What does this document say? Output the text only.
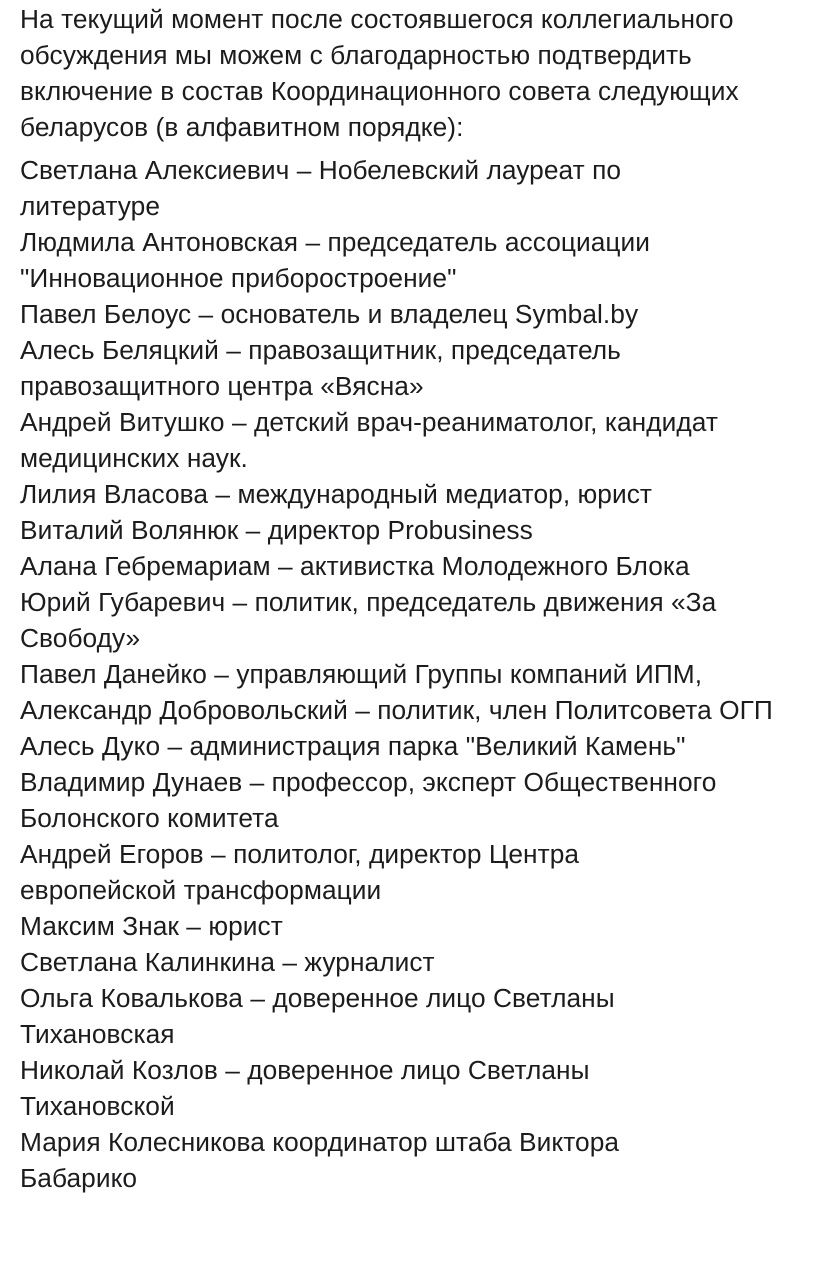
На текущий момент после состоявшегося коллегиального обсуждения мы можем с благодарностью подтвердить включение в состав Координационного совета следующих беларусов (в алфавитном порядке):

Светлана Алексиевич – Нобелевский лауреат по литературе
Людмила Антоновская – председатель ассоциации "Инновационное приборостроение"
Павел Белоус – основатель и владелец Symbal.by
Алесь Беляцкий – правозащитник, председатель правозащитного центра «Вясна»
Андрей Витушко – детский врач-реаниматолог, кандидат медицинских наук.
Лилия Власова – международный медиатор, юрист
Виталий Волянюк – директор Probusiness
Алана Гебремариам – активистка Молодежного Блока
Юрий Губаревич – политик, председатель движения «За Свободу»
Павел Данейко – управляющий Группы компаний ИПМ,
Александр Добровольский – политик, член Политсовета ОГП
Алесь Дуко – администрация парка "Великий Камень"
Владимир Дунаев – профессор, эксперт Общественного Болонского комитета
Андрей Егоров – политолог, директор Центра европейской трансформации
Максим Знак – юрист
Светлана Калинкина – журналист
Ольга Ковалькова – доверенное лицо Светланы Тихановская
Николай Козлов – доверенное лицо Светланы Тихановской
Мария Колесникова координатор штаба Виктора Бабарико
